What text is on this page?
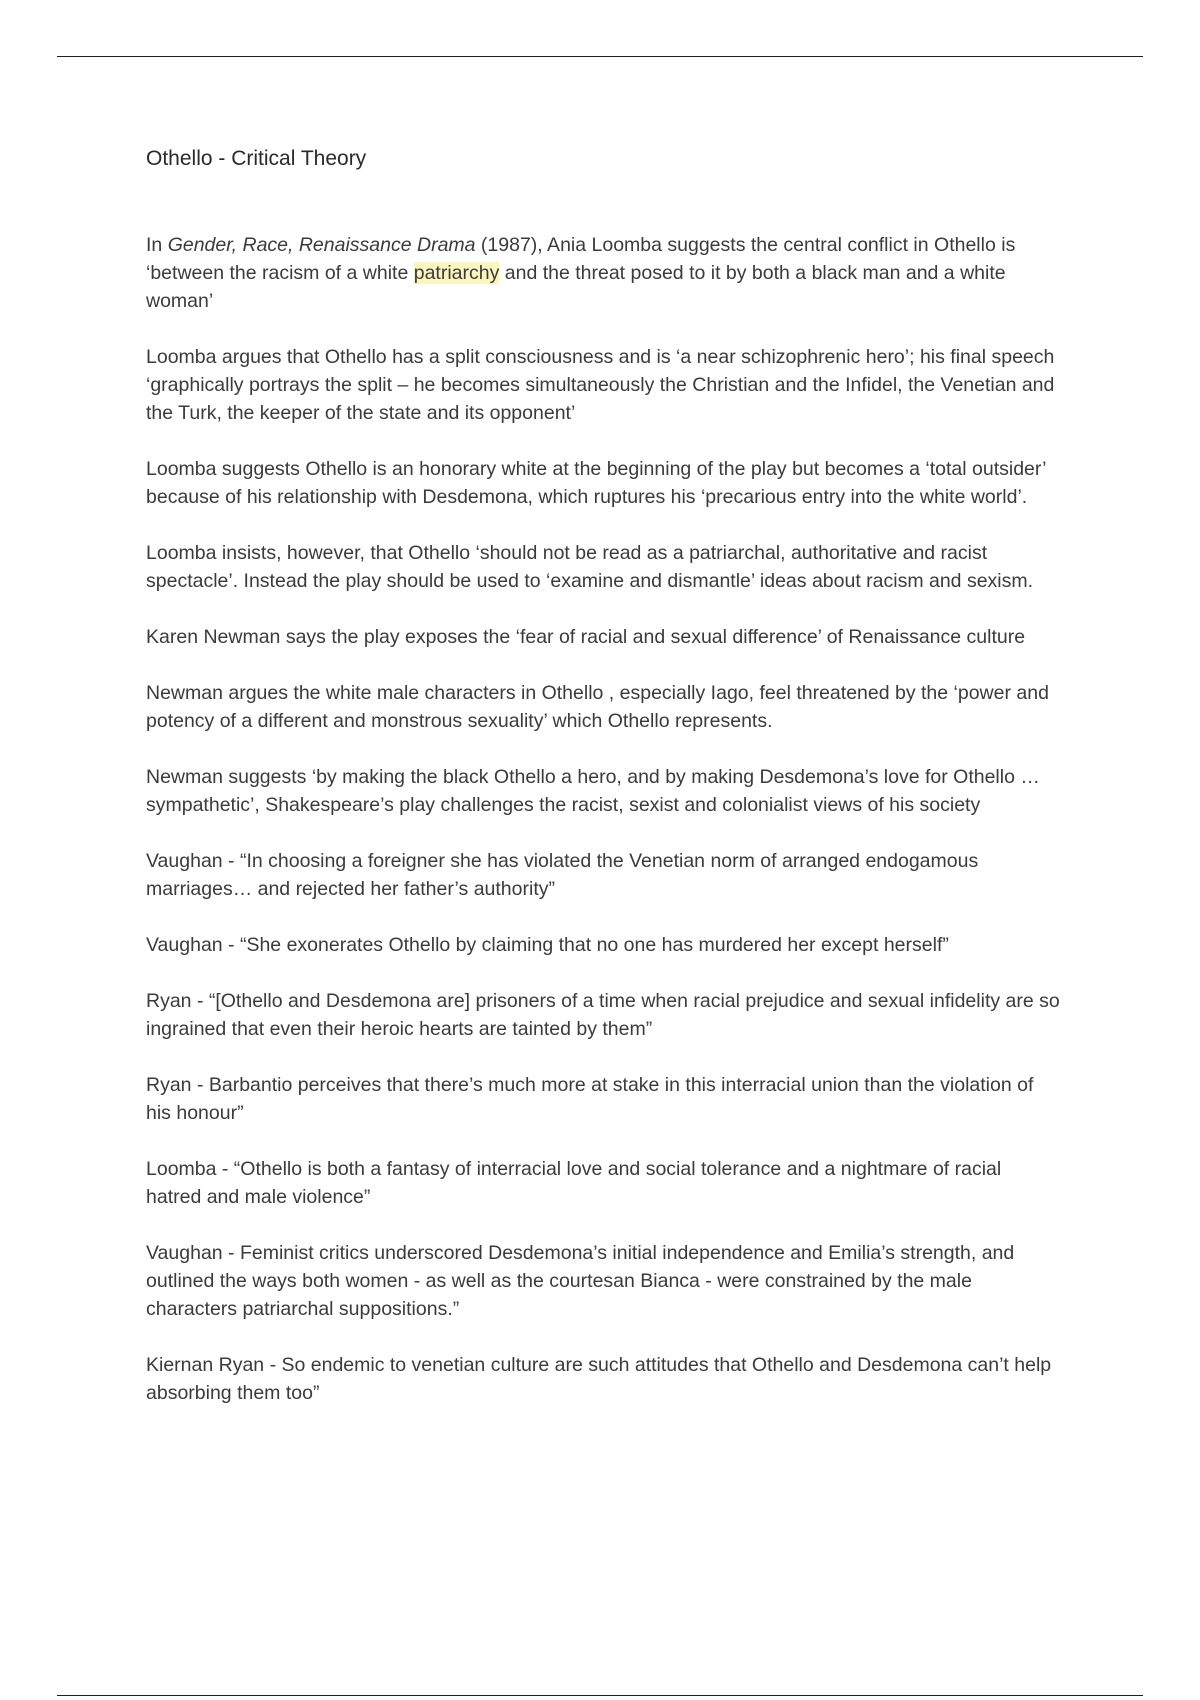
Othello - Critical Theory

In Gender, Race, Renaissance Drama (1987), Ania Loomba suggests the central conflict in Othello is ‘between the racism of a white patriarchy and the threat posed to it by both a black man and a white woman’

Loomba argues that Othello has a split consciousness and is ‘a near schizophrenic hero’; his final speech ‘graphically portrays the split – he becomes simultaneously the Christian and the Infidel, the Venetian and the Turk, the keeper of the state and its opponent’

Loomba suggests Othello is an honorary white at the beginning of the play but becomes a ‘total outsider’ because of his relationship with Desdemona, which ruptures his ‘precarious entry into the white world’.

Loomba insists, however, that Othello ‘should not be read as a patriarchal, authoritative and racist spectacle’. Instead the play should be used to ‘examine and dismantle’ ideas about racism and sexism.

Karen Newman says the play exposes the ‘fear of racial and sexual difference’ of Renaissance culture

Newman argues the white male characters in Othello , especially Iago, feel threatened by the ‘power and potency of a different and monstrous sexuality’ which Othello represents.

Newman suggests ‘by making the black Othello a hero, and by making Desdemona’s love for Othello … sympathetic’, Shakespeare’s play challenges the racist, sexist and colonialist views of his society

Vaughan - “In choosing a foreigner she has violated the Venetian norm of arranged endogamous marriages… and rejected her father’s authority”

Vaughan - “She exonerates Othello by claiming that no one has murdered her except herself”

Ryan - “[Othello and Desdemona are] prisoners of a time when racial prejudice and sexual infidelity are so ingrained that even their heroic hearts are tainted by them”

Ryan - Barbantio perceives that there’s much more at stake in this interracial union than the violation of his honour”

Loomba - “Othello is both a fantasy of interracial love and social tolerance and a nightmare of racial hatred and male violence”

Vaughan - Feminist critics underscored Desdemona’s initial independence and Emilia’s strength, and outlined the ways both women - as well as the courtesan Bianca - were constrained by the male characters patriarchal suppositions.”

Kiernan Ryan - So endemic to venetian culture are such attitudes that Othello and Desdemona can’t help absorbing them too”
